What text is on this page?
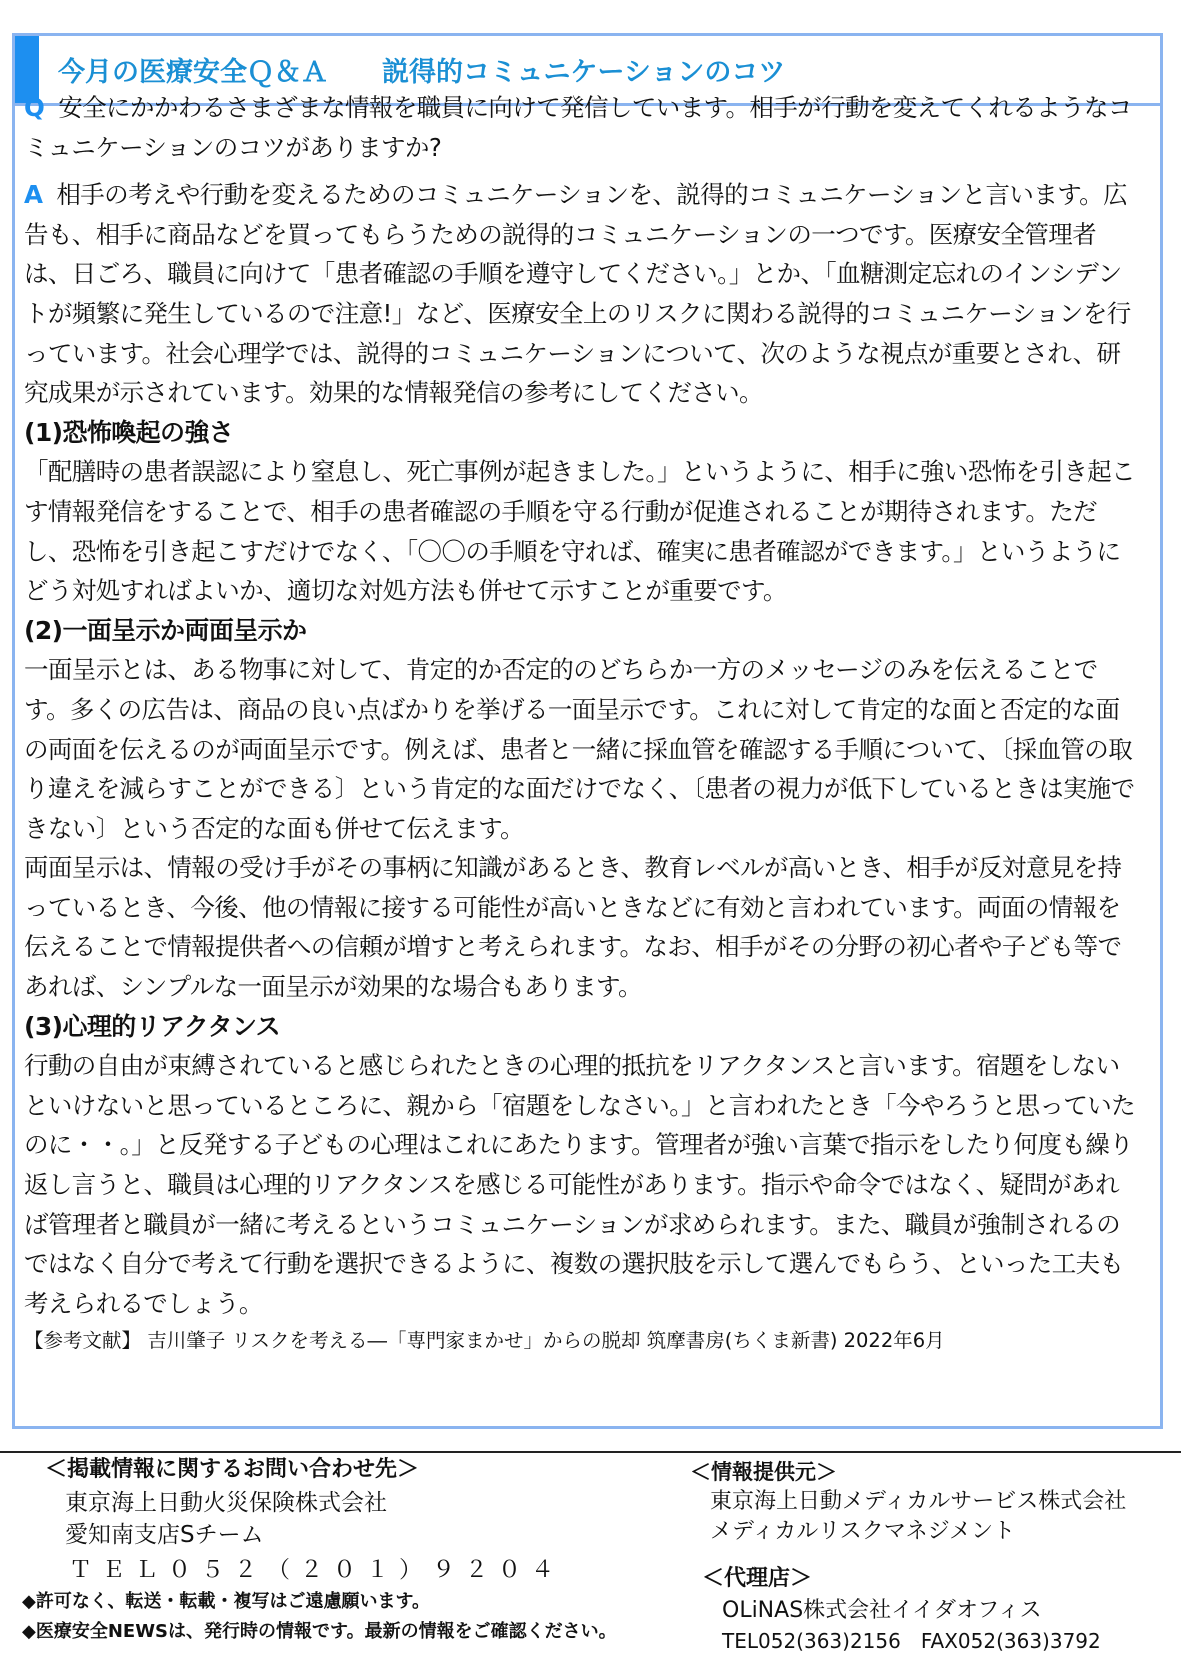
今月の医療安全Ｑ＆Ａ　　説得的コミュニケーションのコツ

Q 安全にかかわるさまざまな情報を職員に向けて発信しています。相手が行動を変えてくれるようなコミュニケーションのコツがありますか?

A 相手の考えや行動を変えるためのコミュニケーションを、説得的コミュニケーションと言います。広告も、相手に商品などを買ってもらうための説得的コミュニケーションの一つです。医療安全管理者は、日ごろ、職員に向けて「患者確認の手順を遵守してください。」とか、「血糖測定忘れのインシデントが頻繁に発生しているので注意!」など、医療安全上のリスクに関わる説得的コミュニケーションを行っています。社会心理学では、説得的コミュニケーションについて、次のような視点が重要とされ、研究成果が示されています。効果的な情報発信の参考にしてください。

(1)恐怖喚起の強さ

「配膳時の患者誤認により窒息し、死亡事例が起きました。」というように、相手に強い恐怖を引き起こす情報発信をすることで、相手の患者確認の手順を守る行動が促進されることが期待されます。ただし、恐怖を引き起こすだけでなく、「〇〇の手順を守れば、確実に患者確認ができます。」というようにどう対処すればよいか、適切な対処方法も併せて示すことが重要です。

(2)一面呈示か両面呈示か

一面呈示とは、ある物事に対して、肯定的か否定的のどちらか一方のメッセージのみを伝えることです。多くの広告は、商品の良い点ばかりを挙げる一面呈示です。これに対して肯定的な面と否定的な面の両面を伝えるのが両面呈示です。例えば、患者と一緒に採血管を確認する手順について、〔採血管の取り違えを減らすことができる〕という肯定的な面だけでなく、〔患者の視力が低下しているときは実施できない〕という否定的な面も併せて伝えます。

両面呈示は、情報の受け手がその事柄に知識があるとき、教育レベルが高いとき、相手が反対意見を持っているとき、今後、他の情報に接する可能性が高いときなどに有効と言われています。両面の情報を伝えることで情報提供者への信頼が増すと考えられます。なお、相手がその分野の初心者や子ども等であれば、シンプルな一面呈示が効果的な場合もあります。

(3)心理的リアクタンス

行動の自由が束縛されていると感じられたときの心理的抵抗をリアクタンスと言います。宿題をしないといけないと思っているところに、親から「宿題をしなさい。」と言われたとき「今やろうと思っていたのに・・。」と反発する子どもの心理はこれにあたります。管理者が強い言葉で指示をしたり何度も繰り返し言うと、職員は心理的リアクタンスを感じる可能性があります。指示や命令ではなく、疑問があれば管理者と職員が一緒に考えるというコミュニケーションが求められます。また、職員が強制されるのではなく自分で考えて行動を選択できるように、複数の選択肢を示して選んでもらう、といった工夫も考えられるでしょう。

【参考文献】 吉川肇子 リスクを考える―「専門家まかせ」からの脱却 筑摩書房(ちくま新書) 2022年6月

＜掲載情報に関するお問い合わせ先＞
東京海上日動火災保険株式会社
愛知南支店Sチーム
ＴＥＬ０５２（２０１）９２０４
◆許可なく、転送・転載・複写はご遠慮願います。
◆医療安全NEWSは、発行時の情報です。最新の情報をご確認ください。
＜情報提供元＞
東京海上日動メディカルサービス株式会社
メディカルリスクマネジメント
＜代理店＞
OLiNAS株式会社イイダオフィス
TEL052(363)2156　FAX052(363)3792
